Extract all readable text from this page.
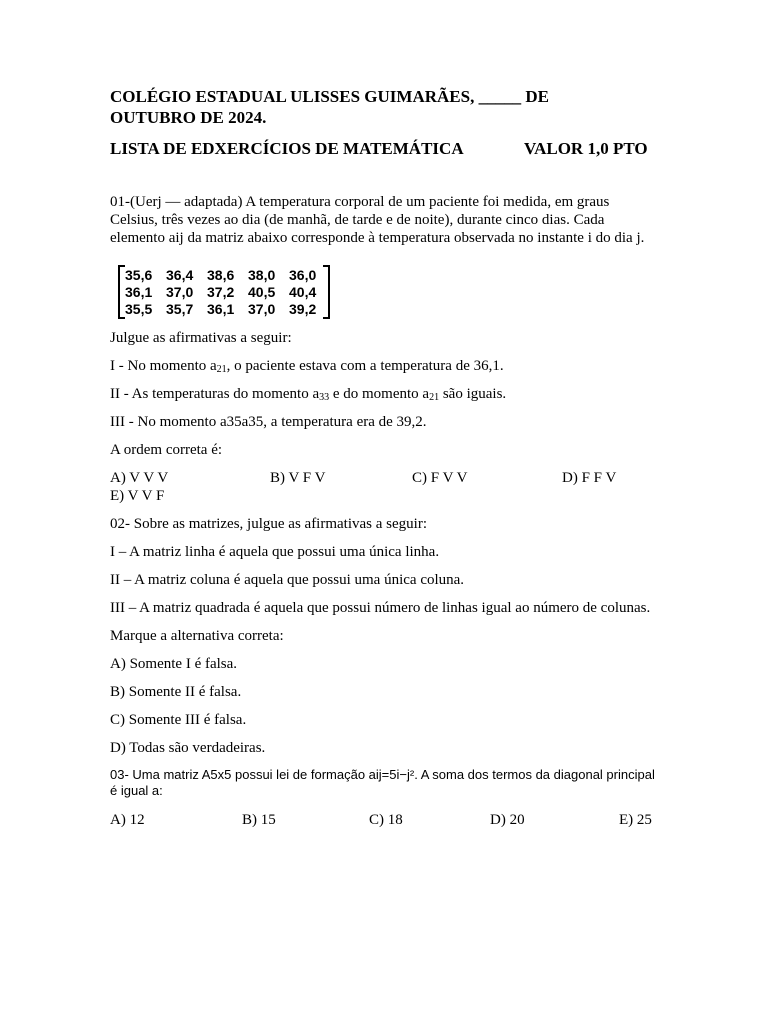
COLÉGIO ESTADUAL ULISSES GUIMARÃES, _____ DE

OUTUBRO DE 2024.

LISTA DE EDXERCÍCIOS DE MATEMÁTICA	VALOR 1,0 PTO

01-(Uerj — adaptada) A temperatura corporal de um paciente foi medida, em graus Celsius, três vezes ao dia (de manhã, de tarde e de noite), durante cinco dias. Cada elemento aij da matriz abaixo corresponde à temperatura observada no instante i do dia j.

35,6 36,4 38,6 38,0 36,0
36,1 37,0 37,2 40,5 40,4
35,5 35,7 36,1 37,0 39,2

Julgue as afirmativas a seguir:

I - No momento $a_{21}$, o paciente estava com a temperatura de 36,1.

II - As temperaturas do momento $a_{33}$ e do momento $a_{21}$ são iguais.

III - No momento a35a35, a temperatura era de 39,2.

A ordem correta é:

A) V V V	B) V F V	C) F V V	D) F F V

E) V V F

02- Sobre as matrizes, julgue as afirmativas a seguir:

I – A matriz linha é aquela que possui uma única linha.

II – A matriz coluna é aquela que possui uma única coluna.

III – A matriz quadrada é aquela que possui número de linhas igual ao número de colunas.

Marque a alternativa correta:

A) Somente I é falsa.

B) Somente II é falsa.

C) Somente III é falsa.

D) Todas são verdadeiras.

03- Uma matriz A5x5 possui lei de formação aij=5i−j². A soma dos termos da diagonal principal é igual a:

A) 12	B) 15	C) 18	D) 20	E) 25
